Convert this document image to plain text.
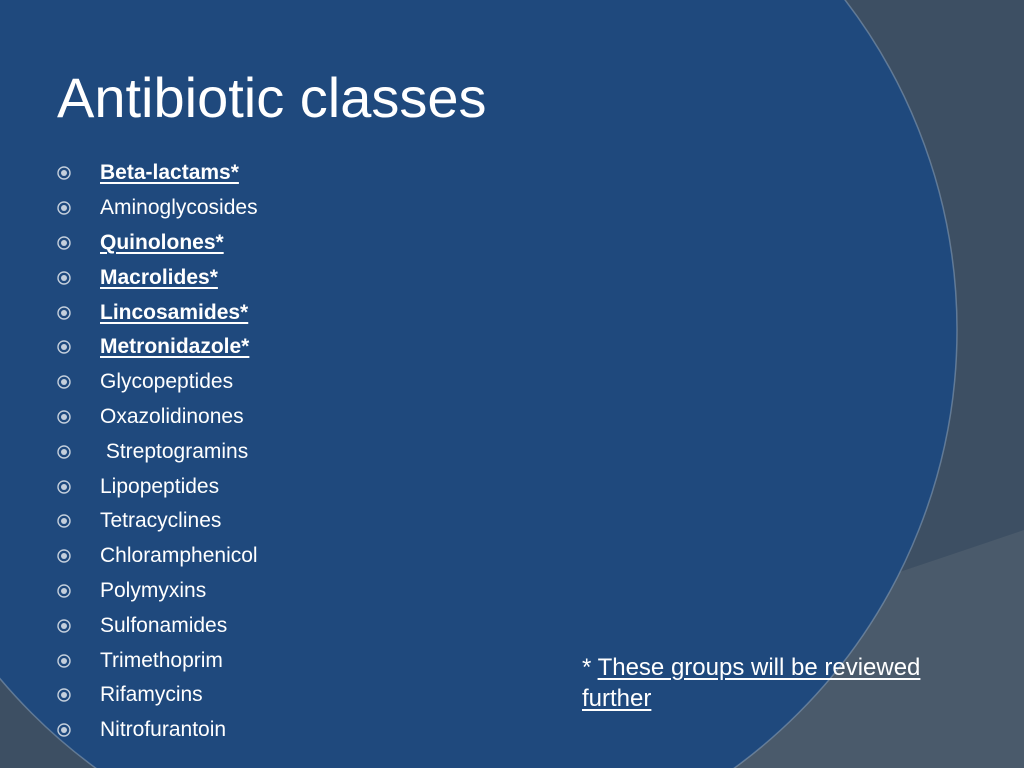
Antibiotic classes
Beta-lactams*
Aminoglycosides
Quinolones*
Macrolides*
Lincosamides*
Metronidazole*
Glycopeptides
Oxazolidinones
Streptogramins
Lipopeptides
Tetracyclines
Chloramphenicol
Polymyxins
Sulfonamides
Trimethoprim
Rifamycins
Nitrofurantoin

* These groups will be reviewed further
